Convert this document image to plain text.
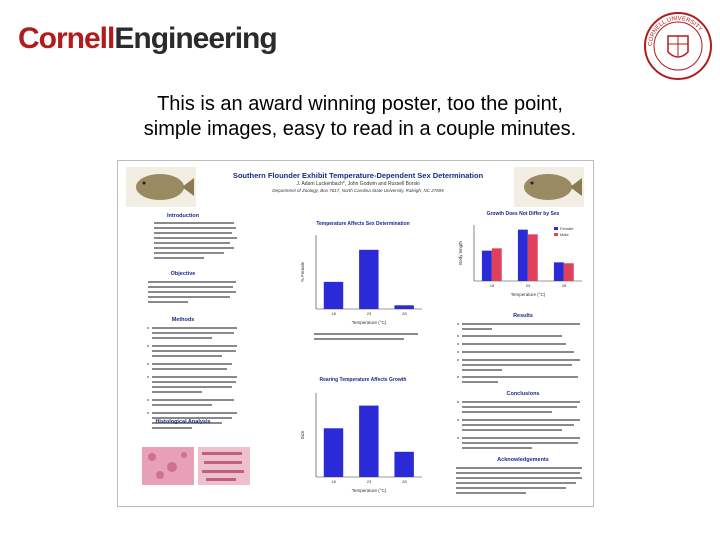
CornellEngineering	CORNELL UNIVERSITY
This is an award winning poster, too the point,
simple images, easy to read in a couple minutes.
Southern Flounder Exhibit Temperature-Dependent Sex Determination
J. Adam Luckenbach*, John Godwin and Russell Borski
Department of Zoology, Box 7617, North Carolina State University, Raleigh, NC 27695
Introduction
Objective
Methods
Histological Analysis
Temperature Affects Sex Determination
18	23	28
Temperature (°C)
% Female
Rearing Temperature Affects Growth
18	23	28
Temperature (°C)
Size
Growth Does Not Differ by Sex
18	23	28
Temperature (°C)
Body length
Female
Male
Results
Conclusions
Acknowledgements
